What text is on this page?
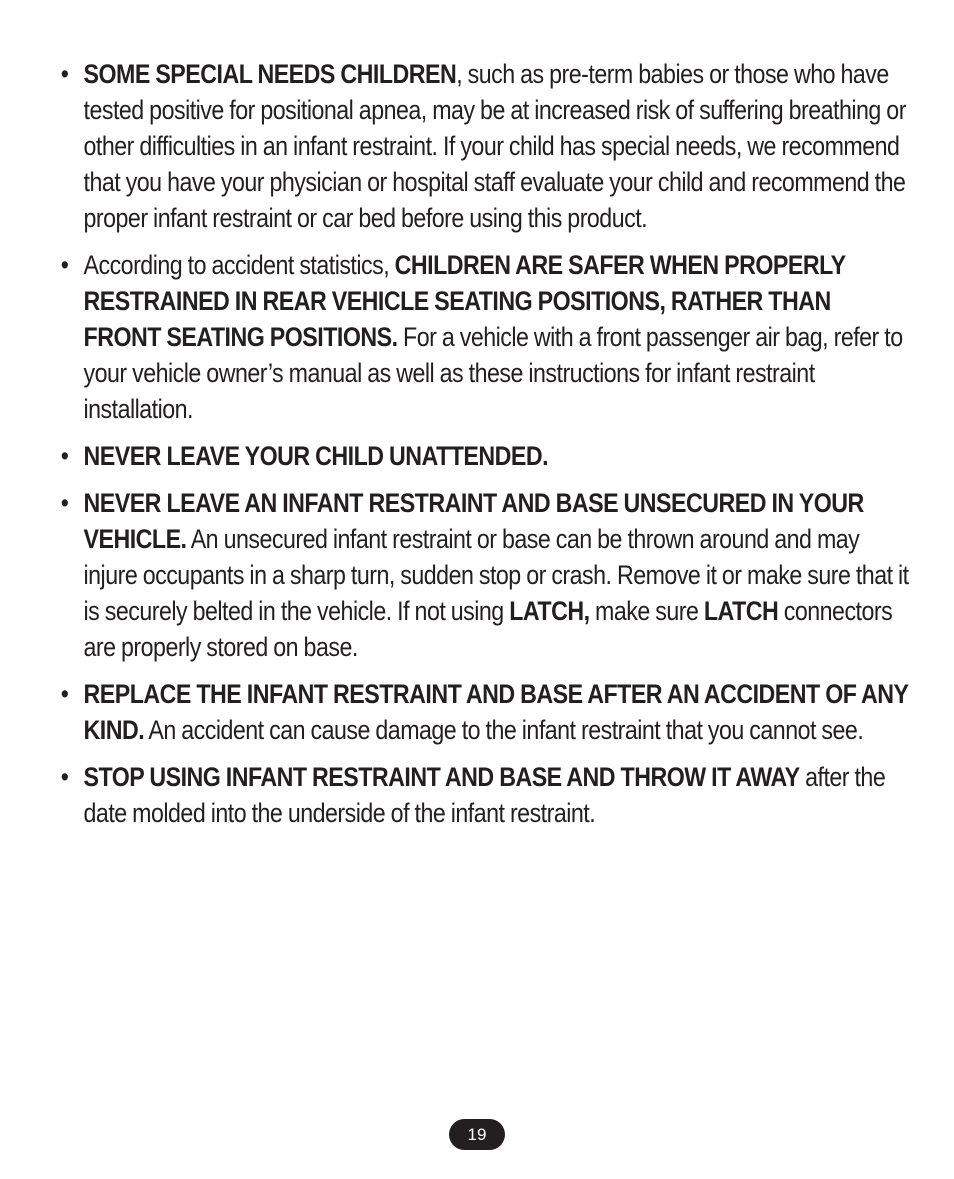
• SOME SPECIAL NEEDS CHILDREN, such as pre-term babies or those who have tested positive for positional apnea, may be at increased risk of suffering breathing or other difficulties in an infant restraint. If your child has special needs, we recommend that you have your physician or hospital staff evaluate your child and recommend the proper infant restraint or car bed before using this product.
• According to accident statistics, CHILDREN ARE SAFER WHEN PROPERLY RESTRAINED IN REAR VEHICLE SEATING POSITIONS, RATHER THAN FRONT SEATING POSITIONS. For a vehicle with a front passenger air bag, refer to your vehicle owner’s manual as well as these instructions for infant restraint installation.
• NEVER LEAVE YOUR CHILD UNATTENDED.
• NEVER LEAVE AN INFANT RESTRAINT AND BASE UNSECURED IN YOUR VEHICLE. An unsecured infant restraint or base can be thrown around and may injure occupants in a sharp turn, sudden stop or crash. Remove it or make sure that it is securely belted in the vehicle. If not using LATCH, make sure LATCH connectors are properly stored on base.
• REPLACE THE INFANT RESTRAINT AND BASE AFTER AN ACCIDENT OF ANY KIND. An accident can cause damage to the infant restraint that you cannot see.
• STOP USING INFANT RESTRAINT AND BASE AND THROW IT AWAY after the date molded into the underside of the infant restraint.
19
